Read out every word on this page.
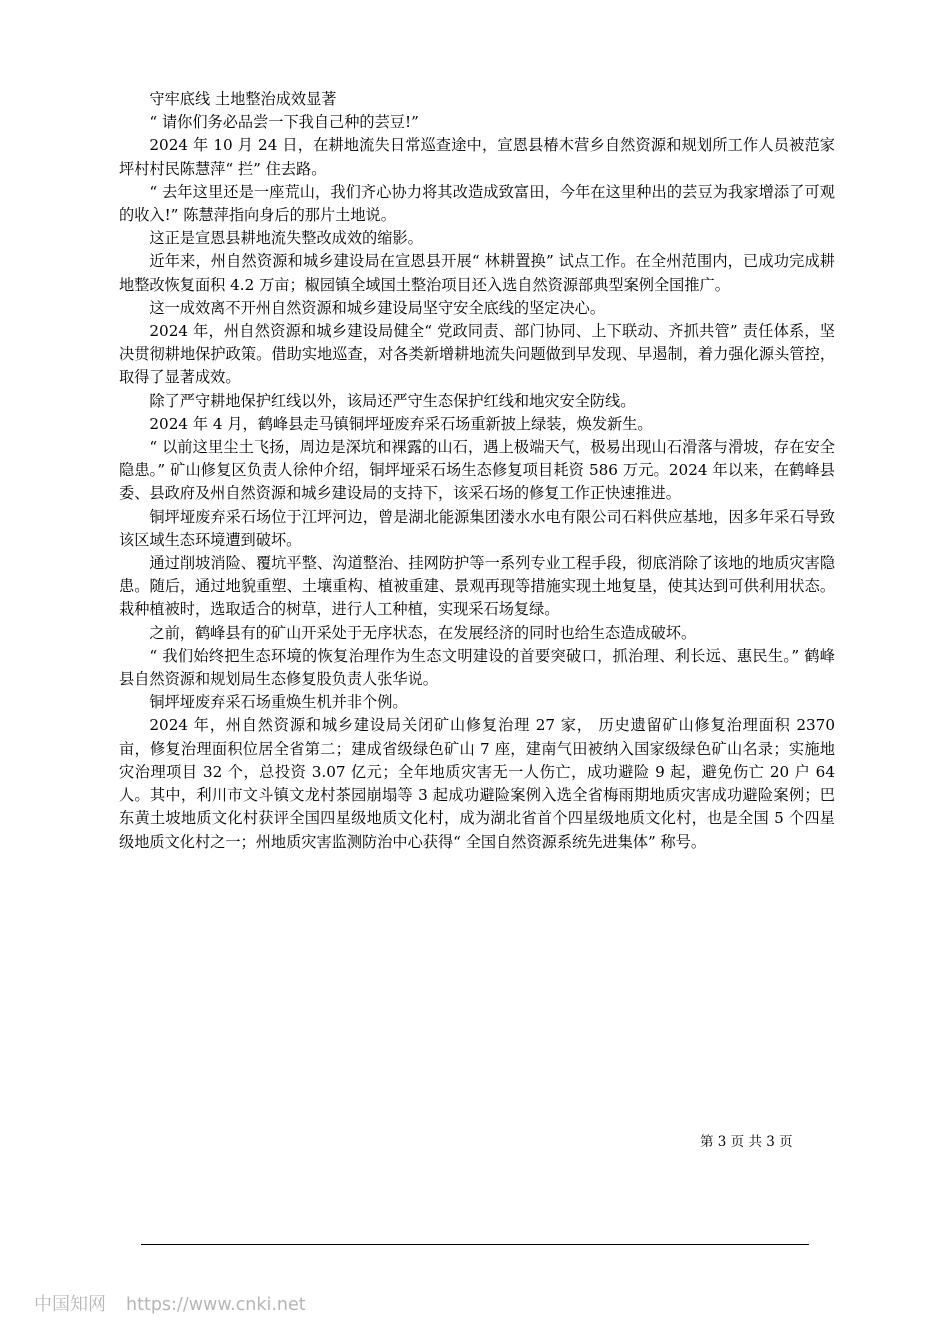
守牢底线 土地整治成效显著

“ 请你们务必品尝一下我自己种的芸豆!”

2024 年 10 月 24 日，在耕地流失日常巡查途中，宣恩县椿木营乡自然资源和规划所工作人员被范家坪村村民陈慧萍“ 拦” 住去路。

“ 去年这里还是一座荒山，我们齐心协力将其改造成致富田，今年在这里种出的芸豆为我家增添了可观的收入!” 陈慧萍指向身后的那片土地说。

这正是宣恩县耕地流失整改成效的缩影。

近年来，州自然资源和城乡建设局在宣恩县开展“ 林耕置换” 试点工作。在全州范围内，已成功完成耕地整改恢复面积 4.2 万亩；椒园镇全域国土整治项目还入选自然资源部典型案例全国推广。

这一成效离不开州自然资源和城乡建设局坚守安全底线的坚定决心。

2024 年，州自然资源和城乡建设局健全“ 党政同责、部门协同、上下联动、齐抓共管” 责任体系，坚决贯彻耕地保护政策。借助实地巡查，对各类新增耕地流失问题做到早发现、早遏制，着力强化源头管控，取得了显著成效。

除了严守耕地保护红线以外，该局还严守生态保护红线和地灾安全防线。

2024 年 4 月，鹤峰县走马镇铜坪垭废弃采石场重新披上绿装，焕发新生。

“ 以前这里尘土飞扬，周边是深坑和裸露的山石，遇上极端天气，极易出现山石滑落与滑坡，存在安全隐患。” 矿山修复区负责人徐仲介绍，铜坪垭采石场生态修复项目耗资 586 万元。2024 年以来，在鹤峰县委、县政府及州自然资源和城乡建设局的支持下，该采石场的修复工作正快速推进。

铜坪垭废弃采石场位于江坪河边，曾是湖北能源集团溇水水电有限公司石料供应基地，因多年采石导致该区域生态环境遭到破坏。

通过削坡消险、覆坑平整、沟道整治、挂网防护等一系列专业工程手段，彻底消除了该地的地质灾害隐患。随后，通过地貌重塑、土壤重构、植被重建、景观再现等措施实现土地复垦，使其达到可供利用状态。栽种植被时，选取适合的树草，进行人工种植，实现采石场复绿。

之前，鹤峰县有的矿山开采处于无序状态，在发展经济的同时也给生态造成破坏。

“ 我们始终把生态环境的恢复治理作为生态文明建设的首要突破口，抓治理、利长远、惠民生。” 鹤峰县自然资源和规划局生态修复股负责人张华说。

铜坪垭废弃采石场重焕生机并非个例。

2024 年，州自然资源和城乡建设局关闭矿山修复治理 27 家， 历史遗留矿山修复治理面积 2370 亩，修复治理面积位居全省第二；建成省级绿色矿山 7 座，建南气田被纳入国家级绿色矿山名录；实施地灾治理项目 32 个，总投资 3.07 亿元；全年地质灾害无一人伤亡，成功避险 9 起，避免伤亡 20 户 64 人。其中，利川市文斗镇文龙村茶园崩塌等 3 起成功避险案例入选全省梅雨期地质灾害成功避险案例；巴东黄土坡地质文化村获评全国四星级地质文化村，成为湖北省首个四星级地质文化村，也是全国 5 个四星级地质文化村之一；州地质灾害监测防治中心获得“ 全国自然资源系统先进集体” 称号。

第 3 页 共 3 页
中国知网 https://www.cnki.net
